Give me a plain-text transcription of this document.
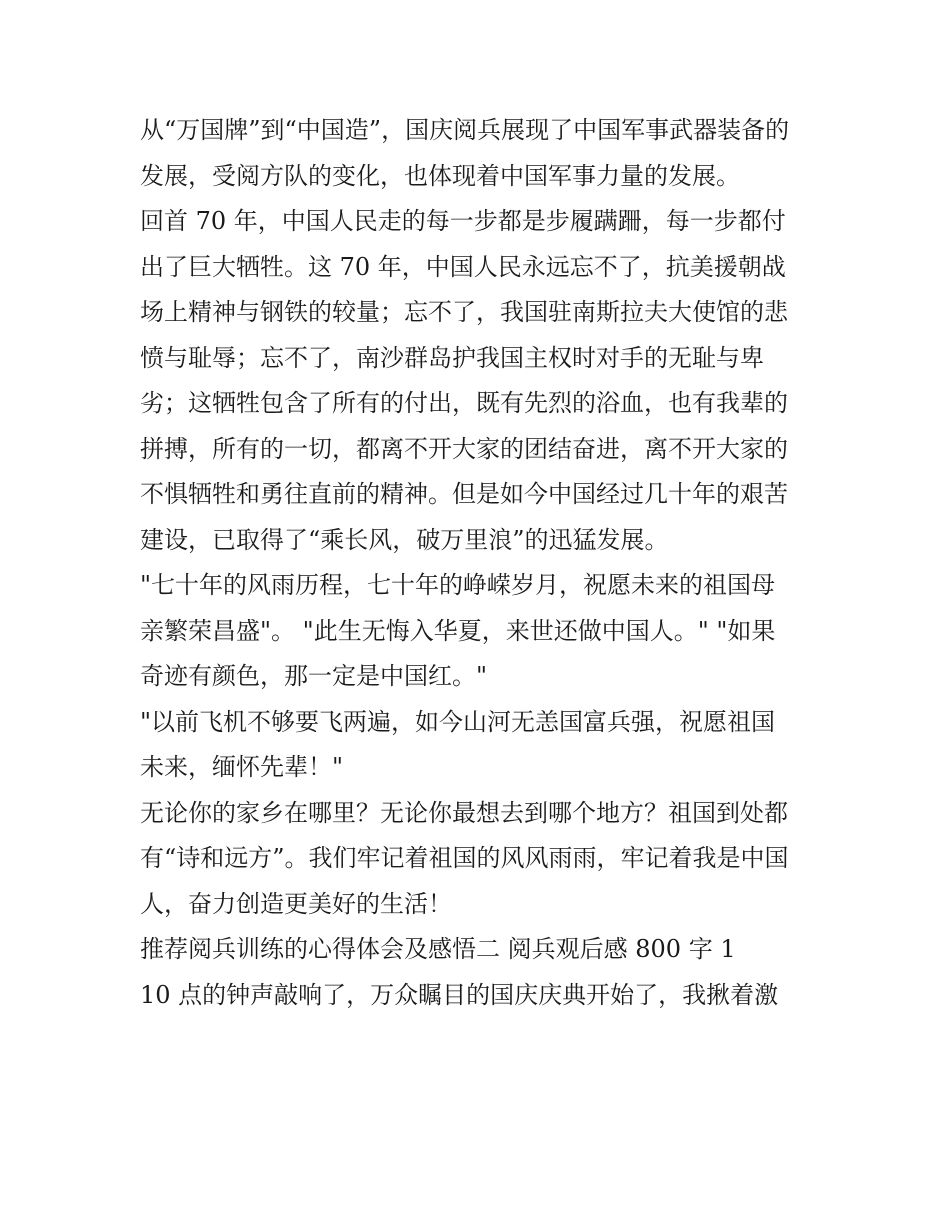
从“万国牌”到“中国造”，国庆阅兵展现了中国军事武器装备的
发展，受阅方队的变化，也体现着中国军事力量的发展。
回首 70 年，中国人民走的每一步都是步履蹒跚，每一步都付
出了巨大牺牲。这 70 年，中国人民永远忘不了，抗美援朝战
场上精神与钢铁的较量；忘不了，我国驻南斯拉夫大使馆的悲
愤与耻辱；忘不了，南沙群岛护我国主权时对手的无耻与卑
劣；这牺牲包含了所有的付出，既有先烈的浴血，也有我辈的
拼搏，所有的一切，都离不开大家的团结奋进，离不开大家的
不惧牺牲和勇往直前的精神。但是如今中国经过几十年的艰苦
建设，已取得了“乘长风，破万里浪”的迅猛发展。
"七十年的风雨历程，七十年的峥嵘岁月，祝愿未来的祖国母
亲繁荣昌盛"。 "此生无悔入华夏，来世还做中国人。" "如果
奇迹有颜色，那一定是中国红。"
"以前飞机不够要飞两遍，如今山河无恙国富兵强，祝愿祖国
未来，缅怀先辈！"
无论你的家乡在哪里？无论你最想去到哪个地方？祖国到处都
有“诗和远方”。我们牢记着祖国的风风雨雨，牢记着我是中国
人，奋力创造更美好的生活！
推荐阅兵训练的心得体会及感悟二 阅兵观后感 800 字 1
10 点的钟声敲响了，万众瞩目的国庆庆典开始了，我揪着激
